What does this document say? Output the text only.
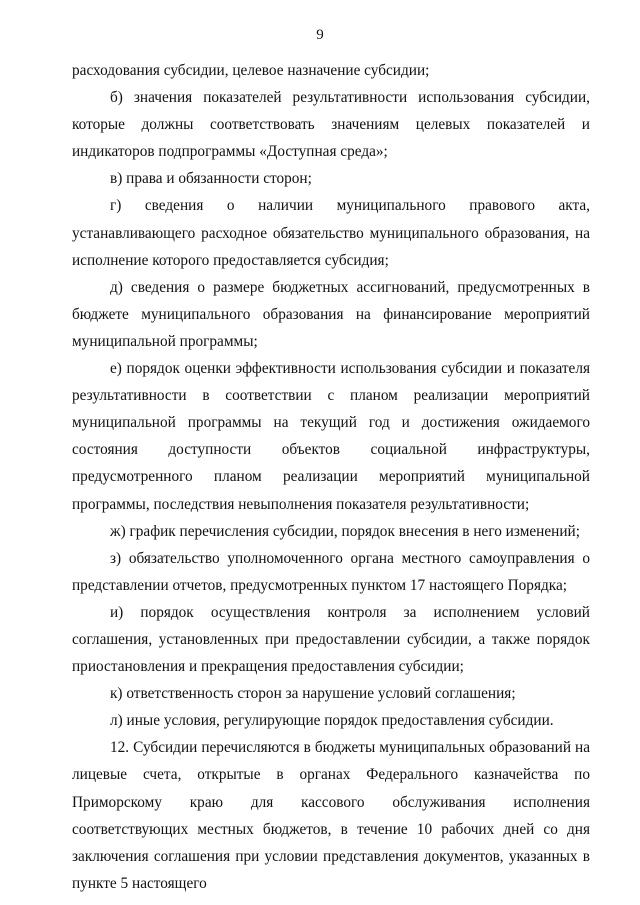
9

расходования субсидии, целевое назначение субсидии;

б) значения показателей результативности использования субсидии, которые должны соответствовать значениям целевых показателей и индикаторов подпрограммы «Доступная среда»;

в) права и обязанности сторон;

г) сведения о наличии муниципального правового акта, устанавливающего расходное обязательство муниципального образования, на исполнение которого предоставляется субсидия;

д) сведения о размере бюджетных ассигнований, предусмотренных в бюджете муниципального образования на финансирование мероприятий муниципальной программы;

е) порядок оценки эффективности использования субсидии и показателя результативности в соответствии с планом реализации мероприятий муниципальной программы на текущий год и достижения ожидаемого состояния доступности объектов социальной инфраструктуры, предусмотренного планом реализации мероприятий муниципальной программы, последствия невыполнения показателя результативности;

ж) график перечисления субсидии, порядок внесения в него изменений;

з) обязательство уполномоченного органа местного самоуправления о представлении отчетов, предусмотренных пунктом 17 настоящего Порядка;

и) порядок осуществления контроля за исполнением условий соглашения, установленных при предоставлении субсидии, а также порядок приостановления и прекращения предоставления субсидии;

к) ответственность сторон за нарушение условий соглашения;

л) иные условия, регулирующие порядок предоставления субсидии.

12. Субсидии перечисляются в бюджеты муниципальных образований на лицевые счета, открытые в органах Федерального казначейства по Приморскому краю для кассового обслуживания исполнения соответствующих местных бюджетов, в течение 10 рабочих дней со дня заключения соглашения при условии представления документов, указанных в пункте 5 настоящего
